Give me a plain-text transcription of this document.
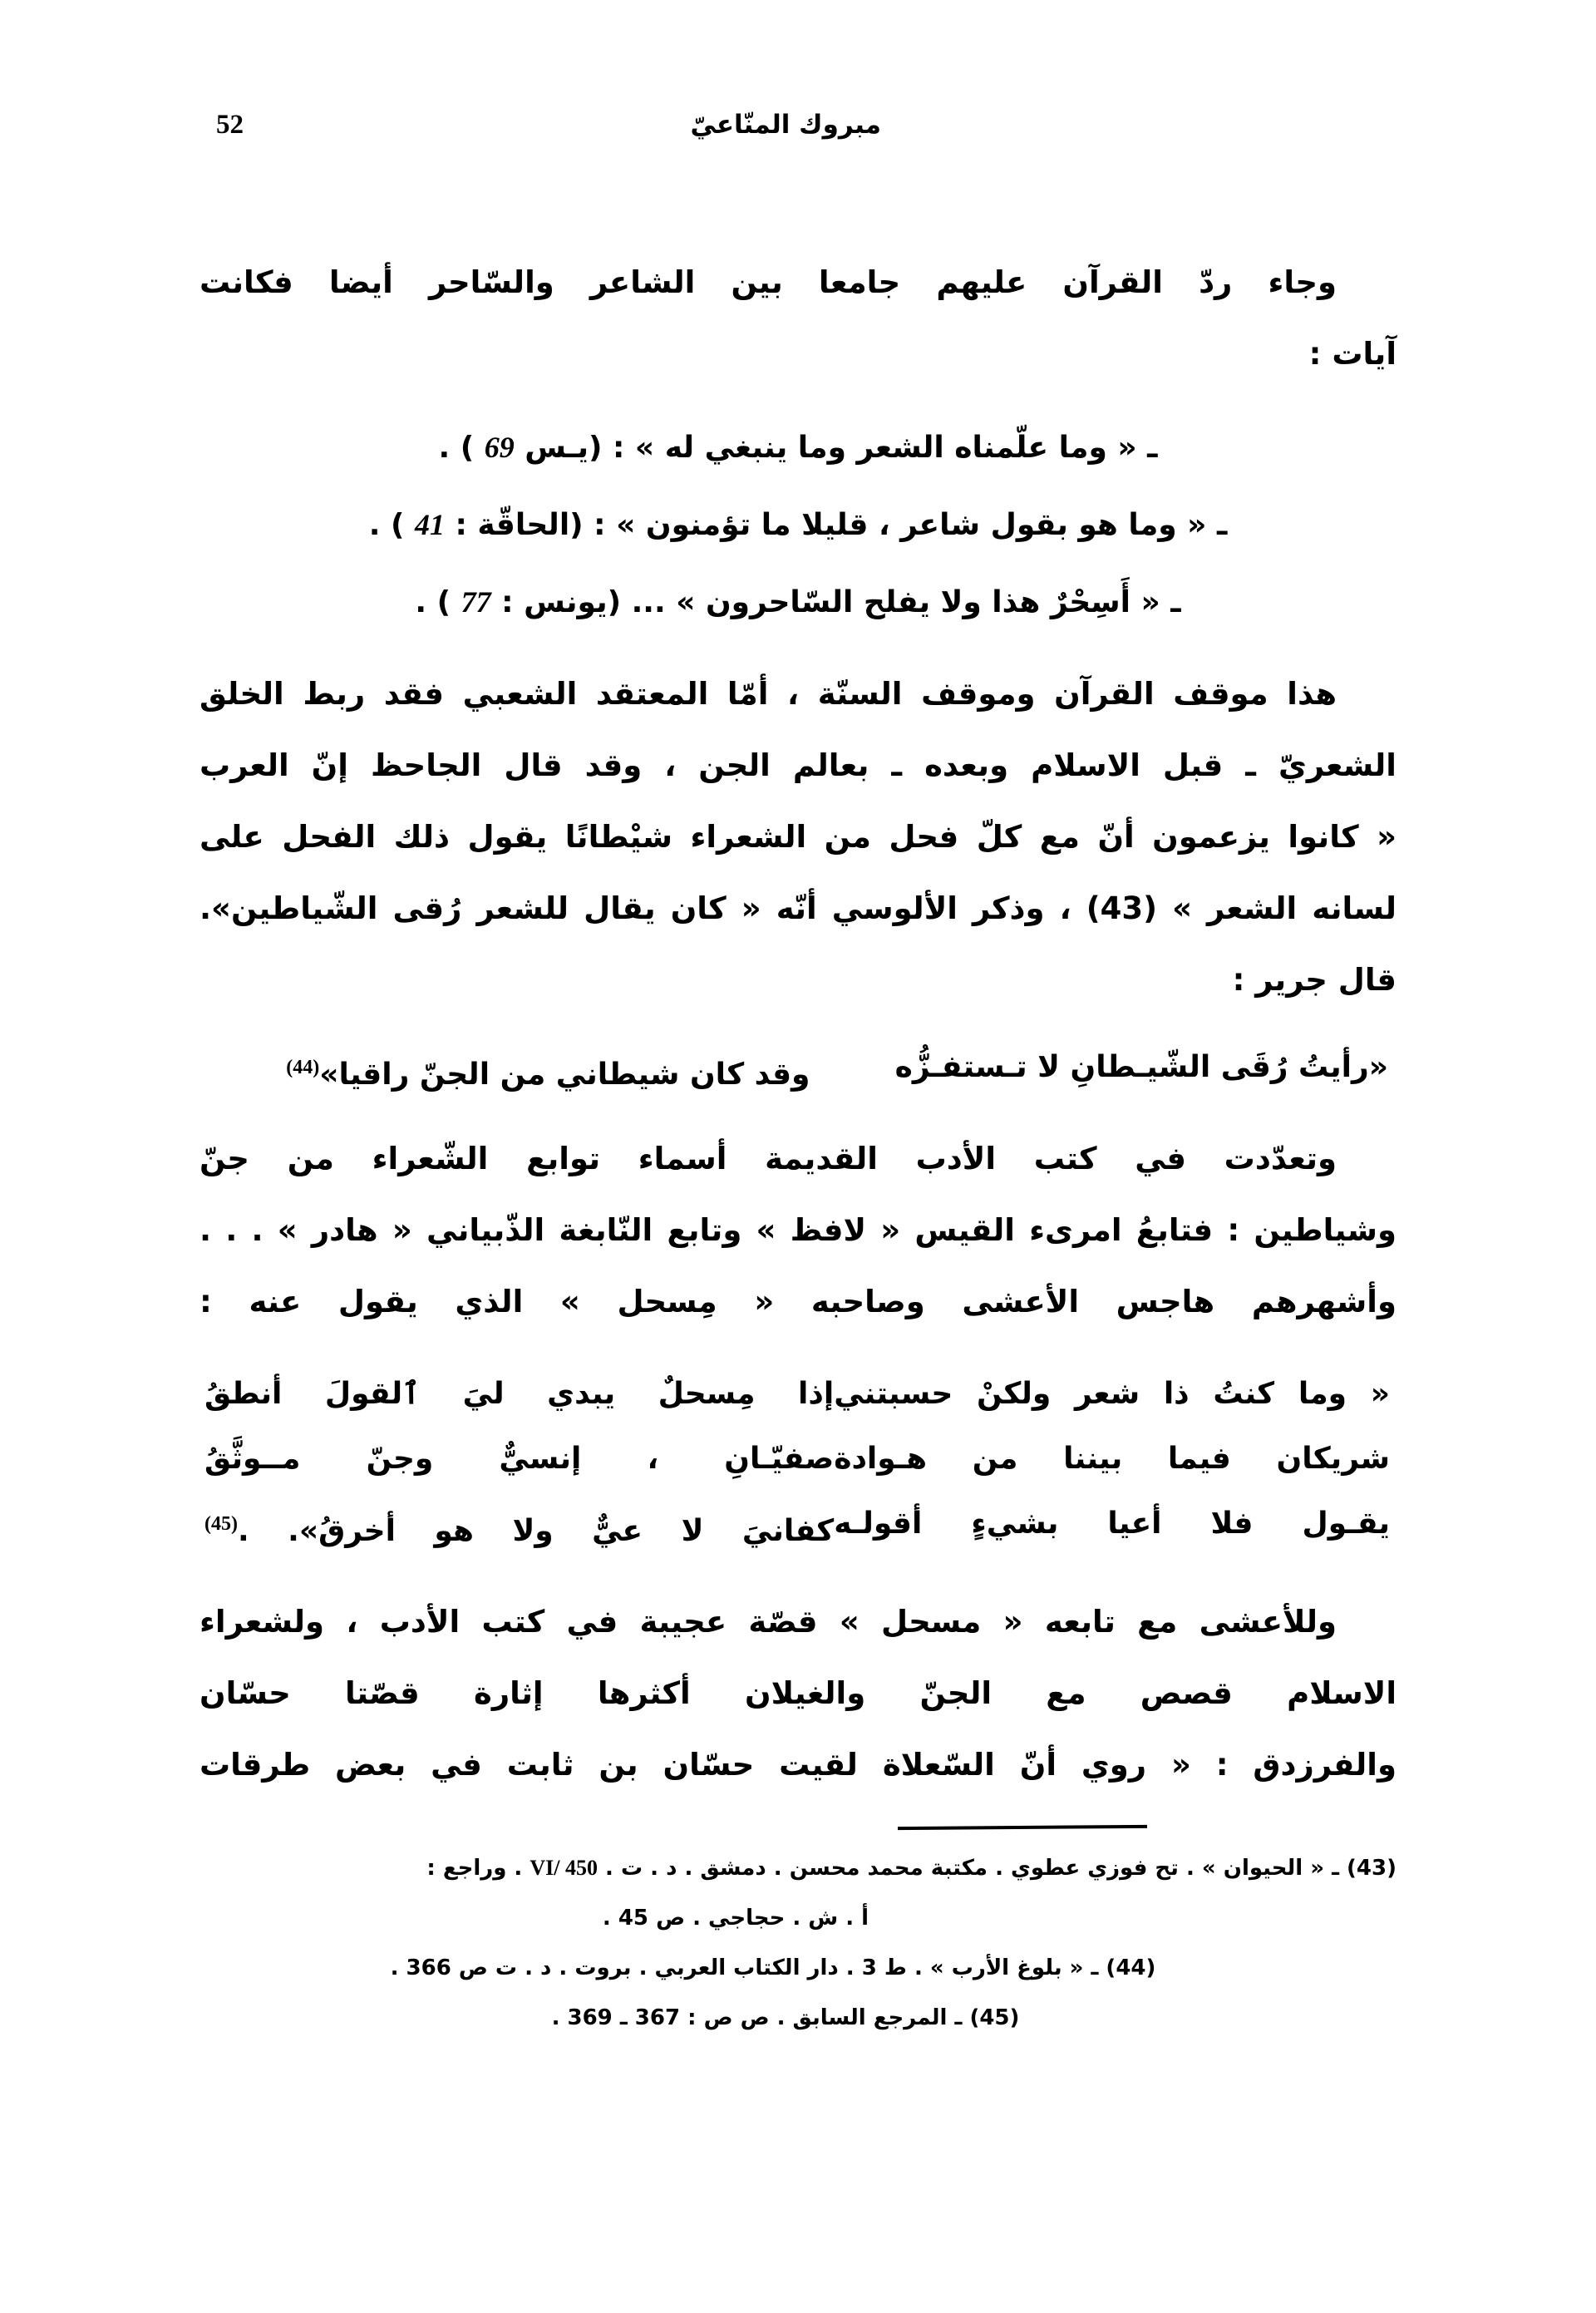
مبروك المنّاعيّ
52

وجاء ردّ القرآن عليهم جامعا بين الشاعر والسّاحر أيضا فكانت

آيات :

ـ « وما علّمناه الشعر وما ينبغي له » : (يـس 69 ) .
ـ « وما هو بقول شاعر ، قليلا ما تؤمنون » : (الحاقّة : 41 ) .
ـ « أَسِحْرٌ هذا ولا يفلح السّاحرون » ... (يونس : 77 ) .

هذا موقف القرآن وموقف السنّة ، أمّا المعتقد الشعبي فقد ربط الخلق

الشعريّ ـ قبل الاسلام وبعده ـ بعالم الجن ، وقد قال الجاحظ إنّ العرب

« كانوا يزعمون أنّ مع كلّ فحل من الشعراء شيْطانًا يقول ذلك الفحل على

لسانه الشعر » (43) ، وذكر الألوسي أنّه « كان يقال للشعر رُقى الشّياطين».

قال جرير :

«رأيتُ رُقَى الشّيـطانِ لا تـستفـزُّه
وقد كان شيطاني من الجنّ راقيا»$^{(44)}$

وتعدّدت في كتب الأدب القديمة أسماء توابع الشّعراء من جنّ

وشياطين : فتابعُ امرىء القيس « لافظ » وتابع النّابغة الذّبياني « هادر » . . .

وأشهرهم هاجس الأعشى وصاحبه « مِسحل » الذي يقول عنه :

« وما كنتُ ذا شعر ولكنْ حسبتني
إذا مِسحلٌ يبدي ليَ ٱلقولَ أنطقُ
شريكان فيما بيننا من هـوادة
صفيّـانِ ، إنسيٌّ وجنّ مــوثَّقُ
يقـول فلا أعيا بشيءٍ أقولـه
كفانيَ لا عيٌّ ولا هو أخرقُ». .$^{(45)}$

وللأعشى مع تابعه « مسحل » قصّة عجيبة في كتب الأدب ، ولشعراء

الاسلام قصص مع الجنّ والغيلان أكثرها إثارة قصّتا حسّان

والفرزدق : « روي أنّ السّعلاة لقيت حسّان بن ثابت في بعض طرقات

(43) ـ « الحيوان » . تح فوزي عطوي . مكتبة محمد محسن . دمشق . د . ت . VI/ 450 . وراجع :

أ . ش . حجاجي . ص 45 .

(44) ـ « بلوغ الأرب » . ط 3 . دار الكتاب العربي . بروت . د . ت ص 366 .

(45) ـ المرجع السابق . ص ص : 367 ـ 369 .
